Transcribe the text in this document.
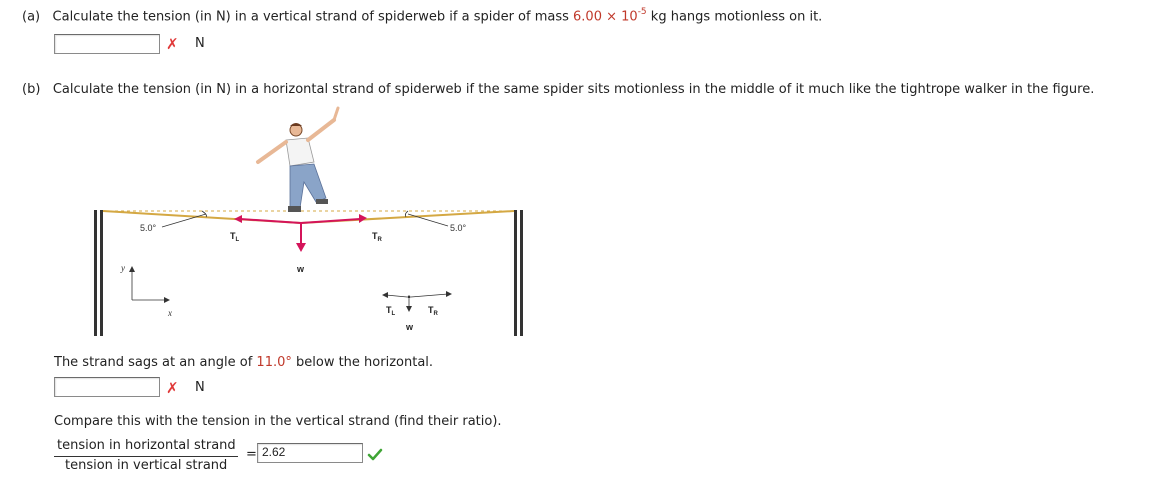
(a) Calculate the tension (in N) in a vertical strand of spiderweb if a spider of mass $6.00 \times 10^{-5}$ kg hangs motionless on it.
✗ N
(b) Calculate the tension (in N) in a horizontal strand of spiderweb if the same spider sits motionless in the middle of it much like the tightrope walker in the figure.
5.0°	5.0°
$T_L$	$T_R$
w
y
x	$T_L$	$T_R$
w
The strand sags at an angle of 11.0° below the horizontal.
✗ N
Compare this with the tension in the vertical strand (find their ratio).
tension in horizontal strand
tension in vertical strand
= 2.62
